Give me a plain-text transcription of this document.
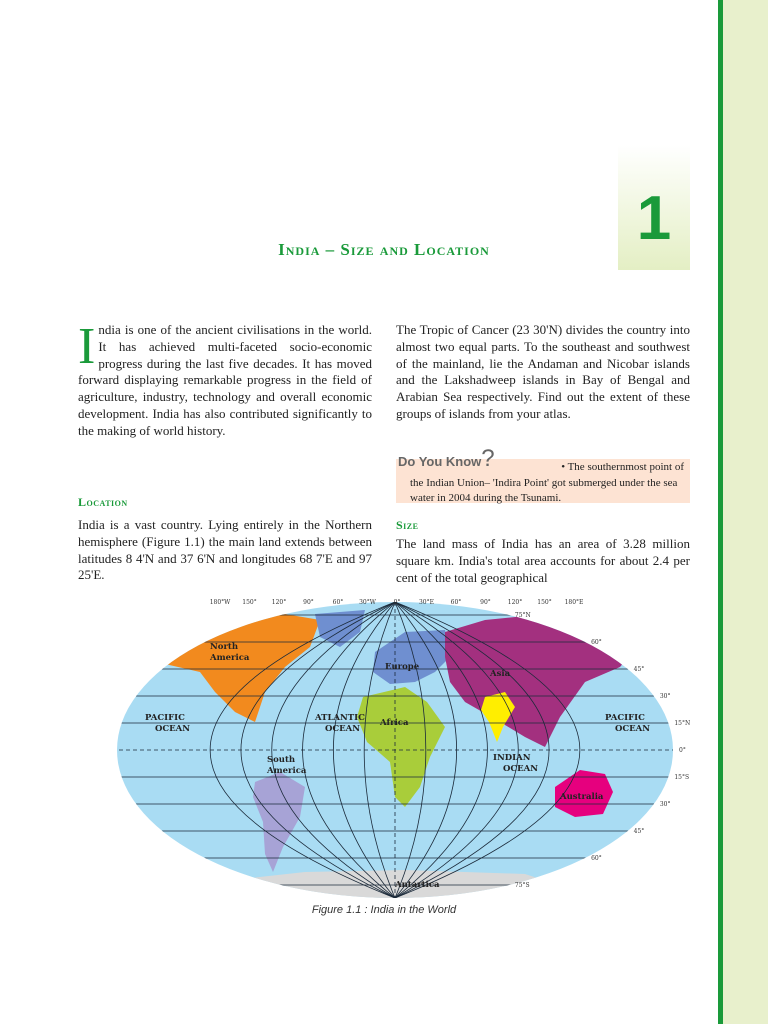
1
India – Size and Location
India is one of the ancient civilisations in the world. It has achieved multi-faceted socio-economic progress during the last five decades. It has moved forward displaying remarkable progress in the field of agriculture, industry, technology and overall economic development. India has also contributed significantly to the making of world history.
Location
India is a vast country. Lying entirely in the Northern hemisphere (Figure 1.1) the main land extends between latitudes 8 4'N and 37 6'N and longitudes 68 7'E and 97 25'E.
The Tropic of Cancer (23 30'N) divides the country into almost two equal parts. To the southeast and southwest of the mainland, lie the Andaman and Nicobar islands and the Lakshadweep islands in Bay of Bengal and Arabian Sea respectively. Find out the extent of these groups of islands from your atlas.
Do You Know?	• The southernmost point of
the Indian Union– 'Indira Point' got submerged under the sea water in 2004 during the Tsunami.
Size
The land mass of India has an area of 3.28 million square km. India's total area accounts for about 2.4 per cent of the total geographical
180°W 150°	120°	90°	60°	30°W	0°	30°E	60°	90°	120°	150° 180°E
75°N
60°
45°
30°
15°N
0°
15°S
30°
45°
60°
75°S
North
America
South
America
Europe
Asia
Africa
Australia
Antartica
PACIFIC
OCEAN
PACIFIC
OCEAN
ATLANTIC
OCEAN
INDIAN
OCEAN
Figure 1.1 : India in the World
